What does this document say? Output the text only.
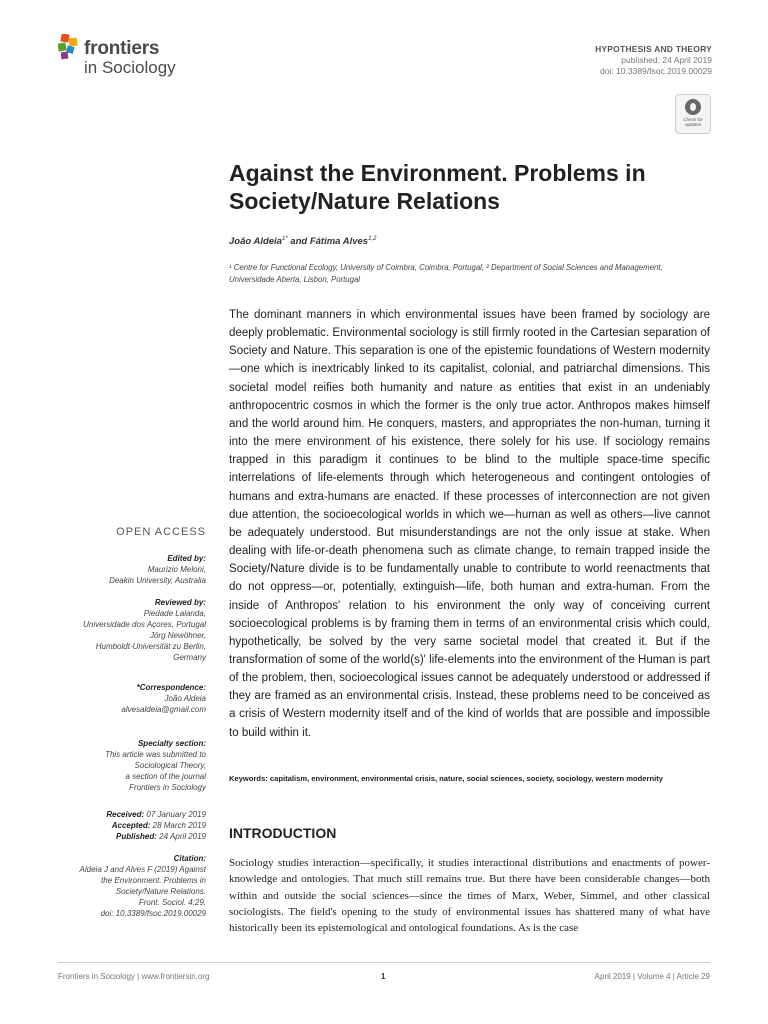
frontiers
in Sociology
HYPOTHESIS AND THEORY
published: 24 April 2019
doi: 10.3389/fsoc.2019.00029
Check for updates
Against the Environment. Problems in Society/Nature Relations
João Aldeia$^{1*}$ and Fátima Alves$^{1,2}$
¹ Centre for Functional Ecology, University of Coimbra, Coimbra, Portugal, ² Department of Social Sciences and Management, Universidade Aberta, Lisbon, Portugal
The dominant manners in which environmental issues have been framed by sociology are deeply problematic. Environmental sociology is still firmly rooted in the Cartesian separation of Society and Nature. This separation is one of the epistemic foundations of Western modernity—one which is inextricably linked to its capitalist, colonial, and patriarchal dimensions. This societal model reifies both humanity and nature as entities that exist in an undeniably anthropocentric cosmos in which the former is the only true actor. Anthropos makes himself and the world around him. He conquers, masters, and appropriates the non-human, turning it into the mere environment of his existence, there solely for his use. If sociology remains trapped in this paradigm it continues to be blind to the multiple space-time specific interrelations of life-elements through which heterogeneous and contingent ontologies of humans and extra-humans are enacted. If these processes of interconnection are not given due attention, the socioecological worlds in which we—human as well as others—live cannot be adequately understood. But misunderstandings are not the only issue at stake. When dealing with life-or-death phenomena such as climate change, to remain trapped inside the Society/Nature divide is to be fundamentally unable to contribute to world reenactments that do not oppress—or, potentially, extinguish—life, both human and extra-human. From the inside of Anthropos' relation to his environment the only way of conceiving current socioecological problems is by framing them in terms of an environmental crisis which could, hypothetically, be solved by the very same societal model that created it. But if the transformation of some of the world(s)' life-elements into the environment of the Human is part of the problem, then, socioecological issues cannot be adequately understood or addressed if they are framed as an environmental crisis. Instead, these problems need to be conceived as a crisis of Western modernity itself and of the kind of worlds that are possible and impossible to build within it.
Keywords: capitalism, environment, environmental crisis, nature, social sciences, society, sociology, western modernity
INTRODUCTION
Sociology studies interaction—specifically, it studies interactional distributions and enactments of power-knowledge and ontologies. That much still remains true. But there have been considerable changes—both within and outside the social sciences—since the times of Marx, Weber, Simmel, and other classical sociologists. The field's opening to the study of environmental issues has shattered many of what have historically been its epistemological and ontological foundations. As is the case
OPEN ACCESS
Edited by:
Maurizio Meloni,
Deakin University, Australia
Reviewed by:
Piedade Lalanda,
Universidade dos Açores, Portugal
Jörg Newöhner,
Humboldt-Universität zu Berlin,
Germany
*Correspondence:
João Aldeia
alvesaldeia@gmail.com
Specialty section:
This article was submitted to
Sociological Theory,
a section of the journal
Frontiers in Sociology
Received: 07 January 2019
Accepted: 28 March 2019
Published: 24 April 2019
Citation:
Aldeia J and Alves F (2019) Against
the Environment. Problems in
Society/Nature Relations.
Front. Sociol. 4:29.
doi: 10.3389/fsoc.2019.00029
Frontiers in Sociology | www.frontiersin.org	1	April 2019 | Volume 4 | Article 29
